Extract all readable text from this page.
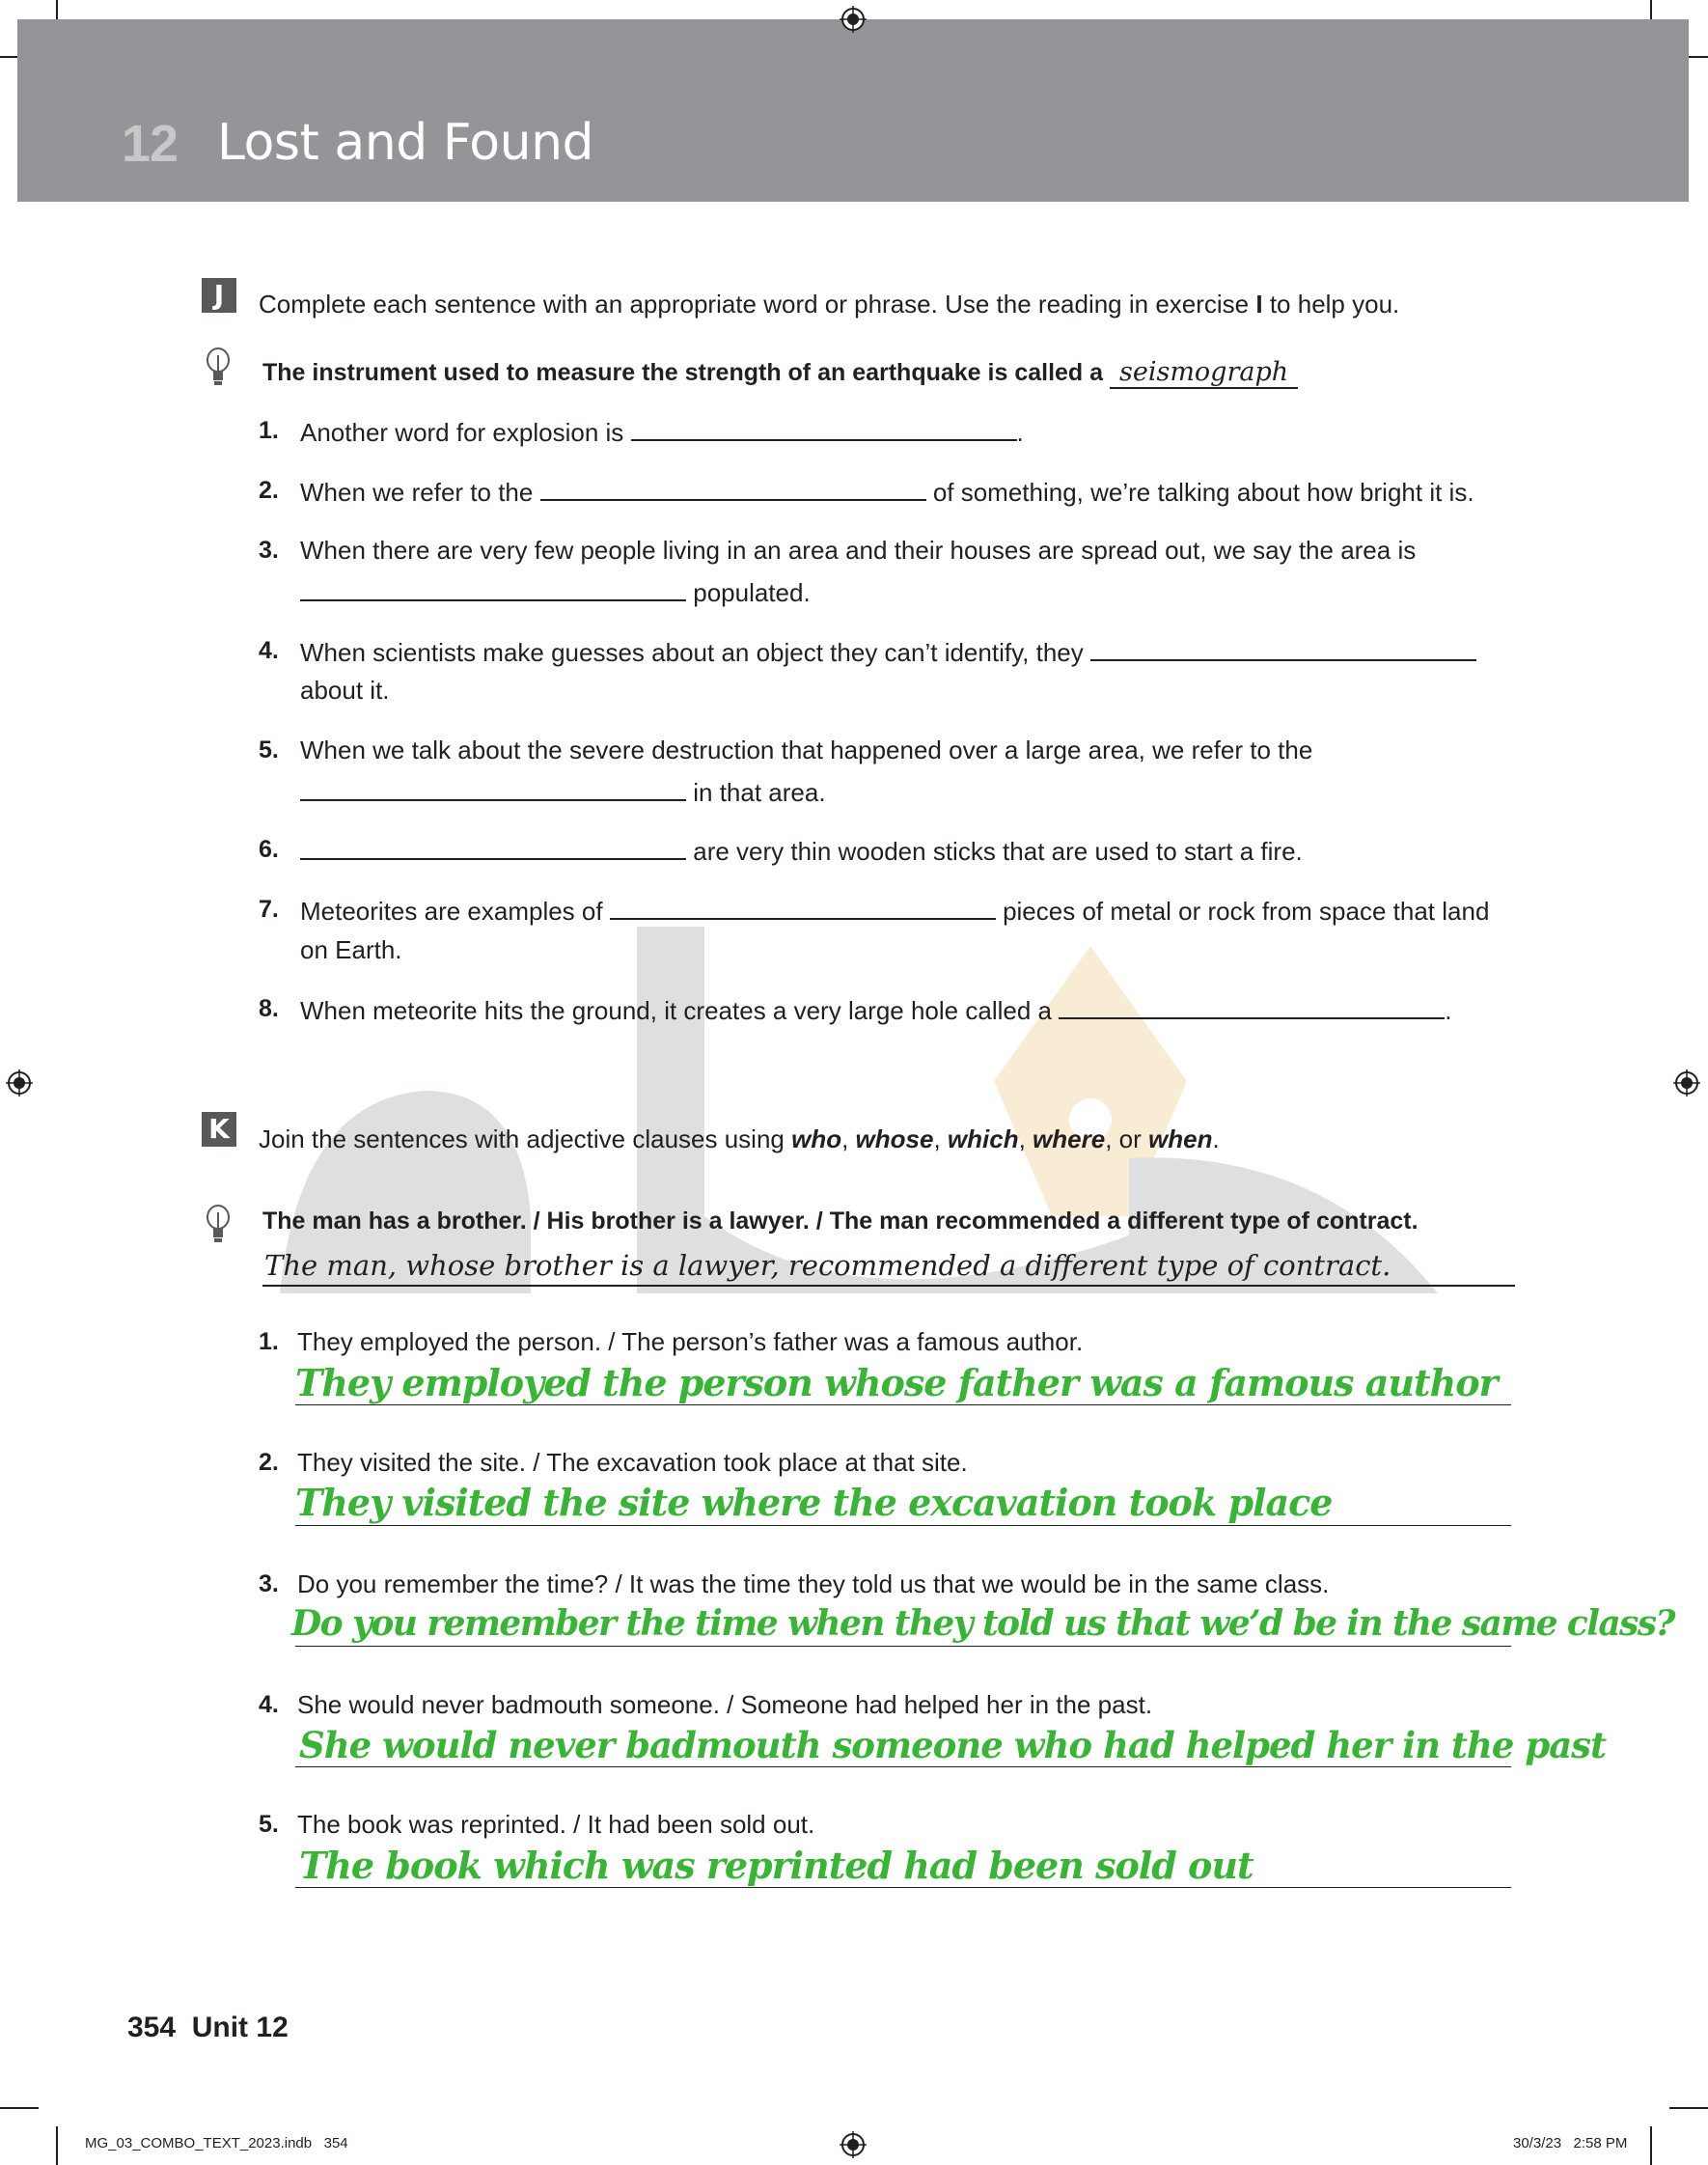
12 Lost and Found
J	Complete each sentence with an appropriate word or phrase. Use the reading in exercise I to help you.
The instrument used to measure the strength of an earthquake is called a seismograph
1. Another word for explosion is	.
2. When we refer to the	of something, we’re talking about how bright it is.
3. When there are very few people living in an area and their houses are spread out, we say the area is
populated.
4. When scientists make guesses about an object they can’t identify, they
about it.
5. When we talk about the severe destruction that happened over a large area, we refer to the
in that area.
6.	are very thin wooden sticks that are used to start a fire.
7. Meteorites are examples of	pieces of metal or rock from space that land
on Earth.
8. When meteorite hits the ground, it creates a very large hole called a	.
K Join the sentences with adjective clauses using who, whose, which, where, or when.
The man has a brother. / His brother is a lawyer. / The man recommended a different type of contract.
The man, whose brother is a lawyer, recommended a different type of contract.
1. They employed the person. / The person’s father was a famous author.
They employed the person whose father was a famous author
2. They visited the site. / The excavation took place at that site.
They visited the site where the excavation took place
3. Do you remember the time? / It was the time they told us that we would be in the same class.
Do you remember the time when they told us that we’d be in the same class?
4. She would never badmouth someone. / Someone had helped her in the past.
She would never badmouth someone who had helped her in the past
5. The book was reprinted. / It had been sold out.
The book which was reprinted had been sold out
354 Unit 12
MG_03_COMBO_TEXT_2023.indb   354	30/3/23   2:58 PM
